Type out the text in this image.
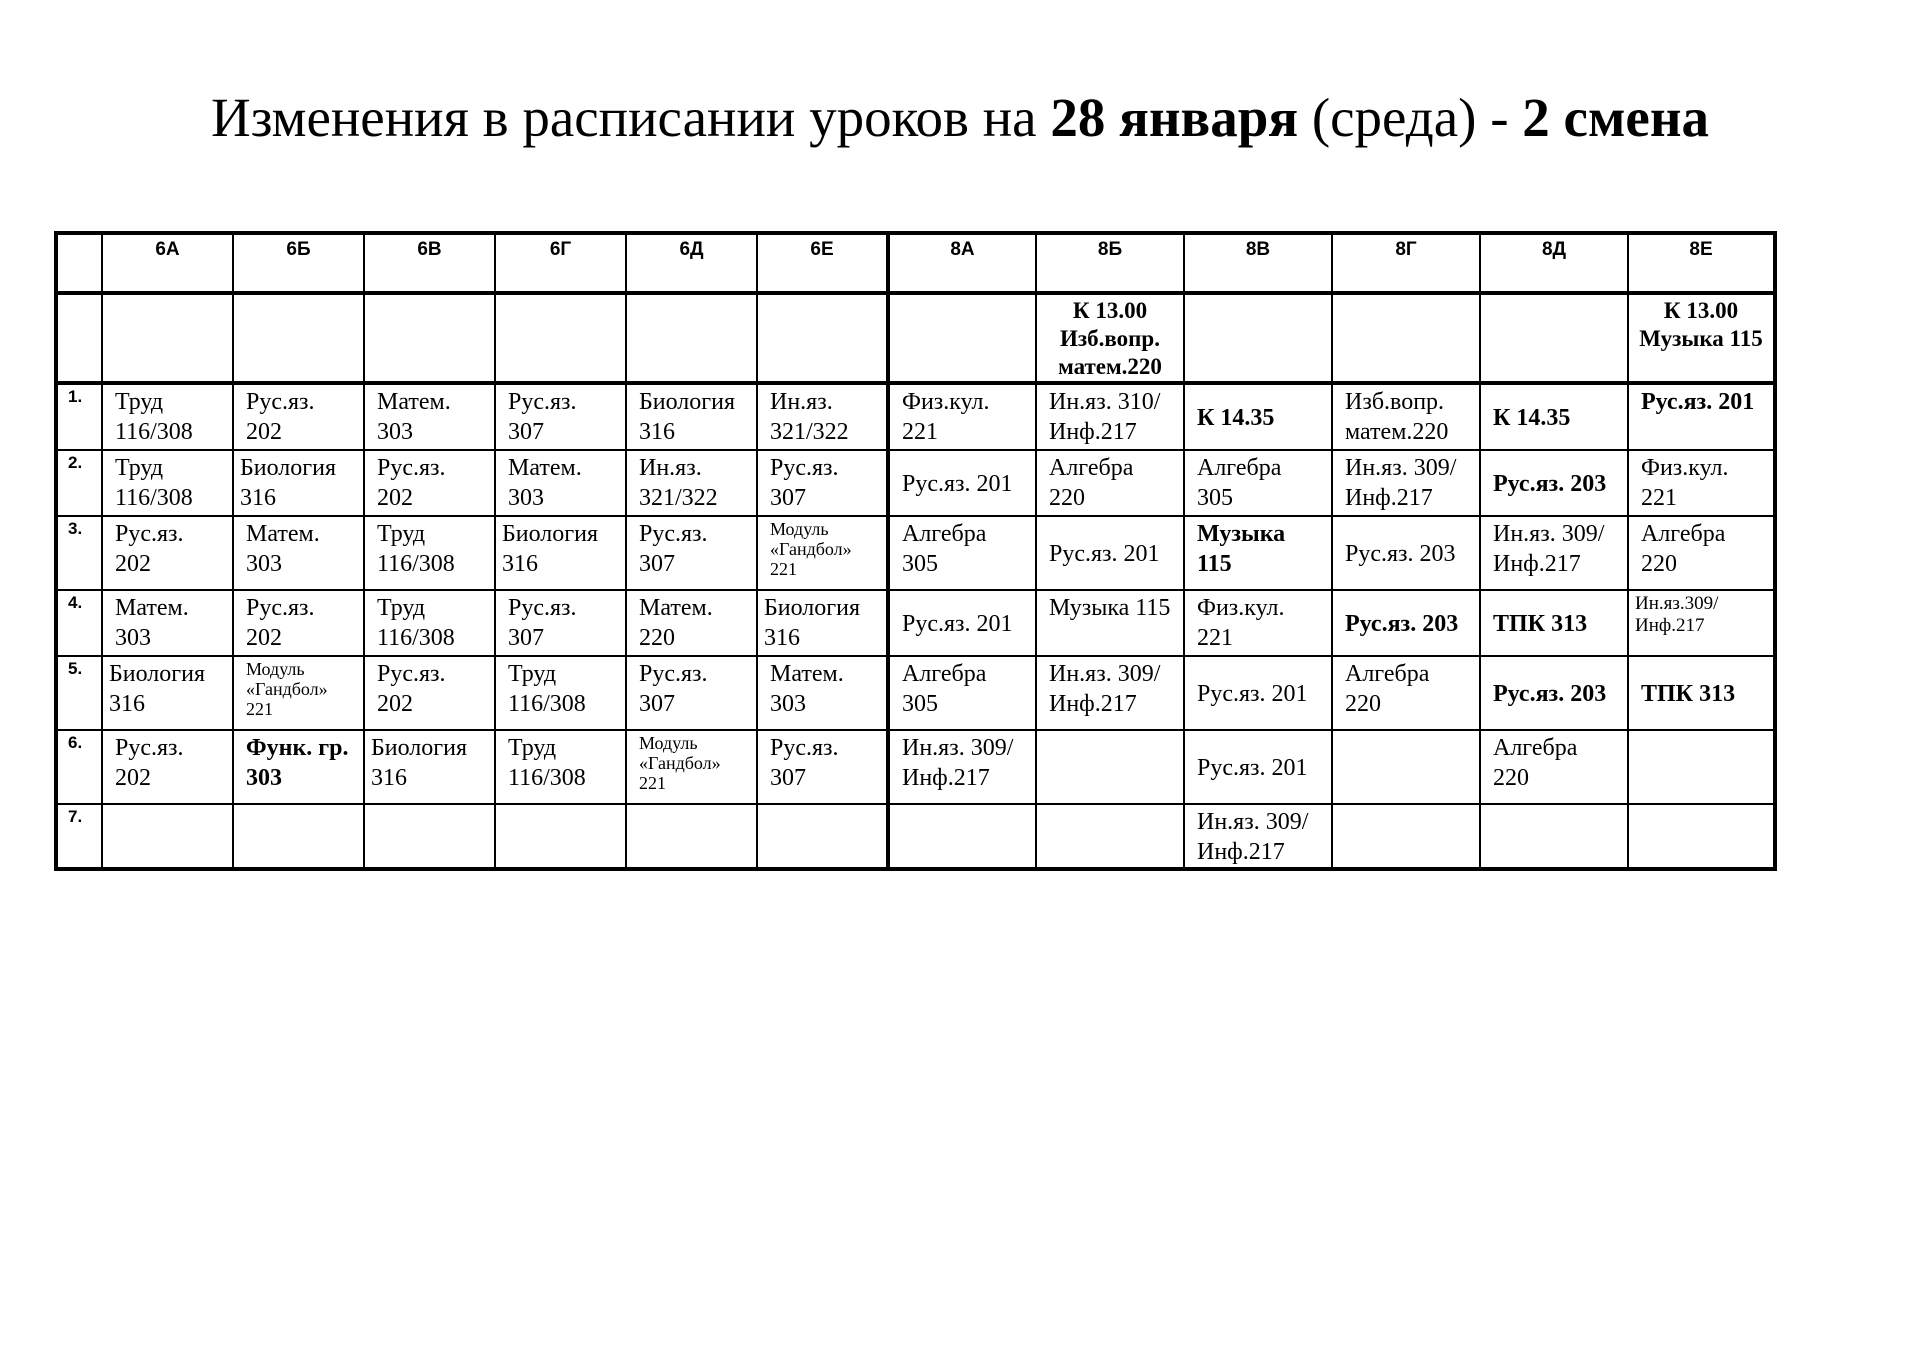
Изменения в расписании уроков на 28 января (среда) - 2 смена
	6А	6Б	6В	6Г	6Д	6Е	8А	8Б	8В	8Г	8Д	8Е
								К 13.00 Изб.вопр. матем.220				К 13.00 Музыка 115
1.	Труд 116/308	Рус.яз. 202	Матем. 303	Рус.яз. 307	Биология 316	Ин.яз. 321/322	Физ.кул. 221	Ин.яз. 310/ Инф.217	К 14.35	Изб.вопр. матем.220	К 14.35	Рус.яз. 201
2.	Труд 116/308	Биология 316	Рус.яз. 202	Матем. 303	Ин.яз. 321/322	Рус.яз. 307	Рус.яз. 201	Алгебра 220	Алгебра 305	Ин.яз. 309/ Инф.217	Рус.яз. 203	Физ.кул. 221
3.	Рус.яз. 202	Матем. 303	Труд 116/308	Биология 316	Рус.яз. 307	Модуль «Гандбол» 221	Алгебра 305	Рус.яз. 201	Музыка 115	Рус.яз. 203	Ин.яз. 309/ Инф.217	Алгебра 220
4.	Матем. 303	Рус.яз. 202	Труд 116/308	Рус.яз. 307	Матем. 220	Биология 316	Рус.яз. 201	Музыка 115	Физ.кул. 221	Рус.яз. 203	ТПК 313	Ин.яз.309/ Инф.217
5.	Биология 316	Модуль «Гандбол» 221	Рус.яз. 202	Труд 116/308	Рус.яз. 307	Матем. 303	Алгебра 305	Ин.яз. 309/ Инф.217	Рус.яз. 201	Алгебра 220	Рус.яз. 203	ТПК 313
6.	Рус.яз. 202	Функ. гр. 303	Биология 316	Труд 116/308	Модуль «Гандбол» 221	Рус.яз. 307	Ин.яз. 309/ Инф.217		Рус.яз. 201		Алгебра 220	
7.									Ин.яз. 309/ Инф.217			
